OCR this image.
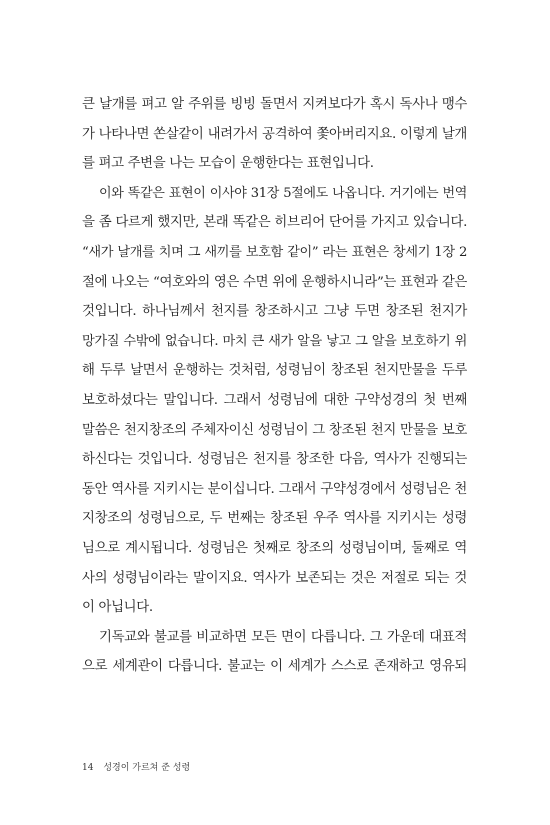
큰 날개를 펴고 알 주위를 빙빙 돌면서 지켜보다가 혹시 독사나 맹수
가 나타나면 쏜살같이 내려가서 공격하여 쫓아버리지요. 이렇게 날개
를 펴고 주변을 나는 모습이 운행한다는 표현입니다.
이와 똑같은 표현이 이사야 31장 5절에도 나옵니다. 거기에는 번역
을 좀 다르게 했지만, 본래 똑같은 히브리어 단어를 가지고 있습니다.
“새가 날개를 치며 그 새끼를 보호함 같이” 라는 표현은 창세기 1장 2
절에 나오는 “여호와의 영은 수면 위에 운행하시니라”는 표현과 같은
것입니다. 하나님께서 천지를 창조하시고 그냥 두면 창조된 천지가
망가질 수밖에 없습니다. 마치 큰 새가 알을 낳고 그 알을 보호하기 위
해 두루 날면서 운행하는 것처럼, 성령님이 창조된 천지만물을 두루
보호하셨다는 말입니다. 그래서 성령님에 대한 구약성경의 첫 번째
말씀은 천지창조의 주체자이신 성령님이 그 창조된 천지 만물을 보호
하신다는 것입니다. 성령님은 천지를 창조한 다음, 역사가 진행되는
동안 역사를 지키시는 분이십니다. 그래서 구약성경에서 성령님은 천
지창조의 성령님으로, 두 번째는 창조된 우주 역사를 지키시는 성령
님으로 계시됩니다. 성령님은 첫째로 창조의 성령님이며, 둘째로 역
사의 성령님이라는 말이지요. 역사가 보존되는 것은 저절로 되는 것
이 아닙니다.
기독교와 불교를 비교하면 모든 면이 다릅니다. 그 가운데 대표적
으로 세계관이 다릅니다. 불교는 이 세계가 스스로 존재하고 영유되
14 성경이 가르쳐 준 성령
